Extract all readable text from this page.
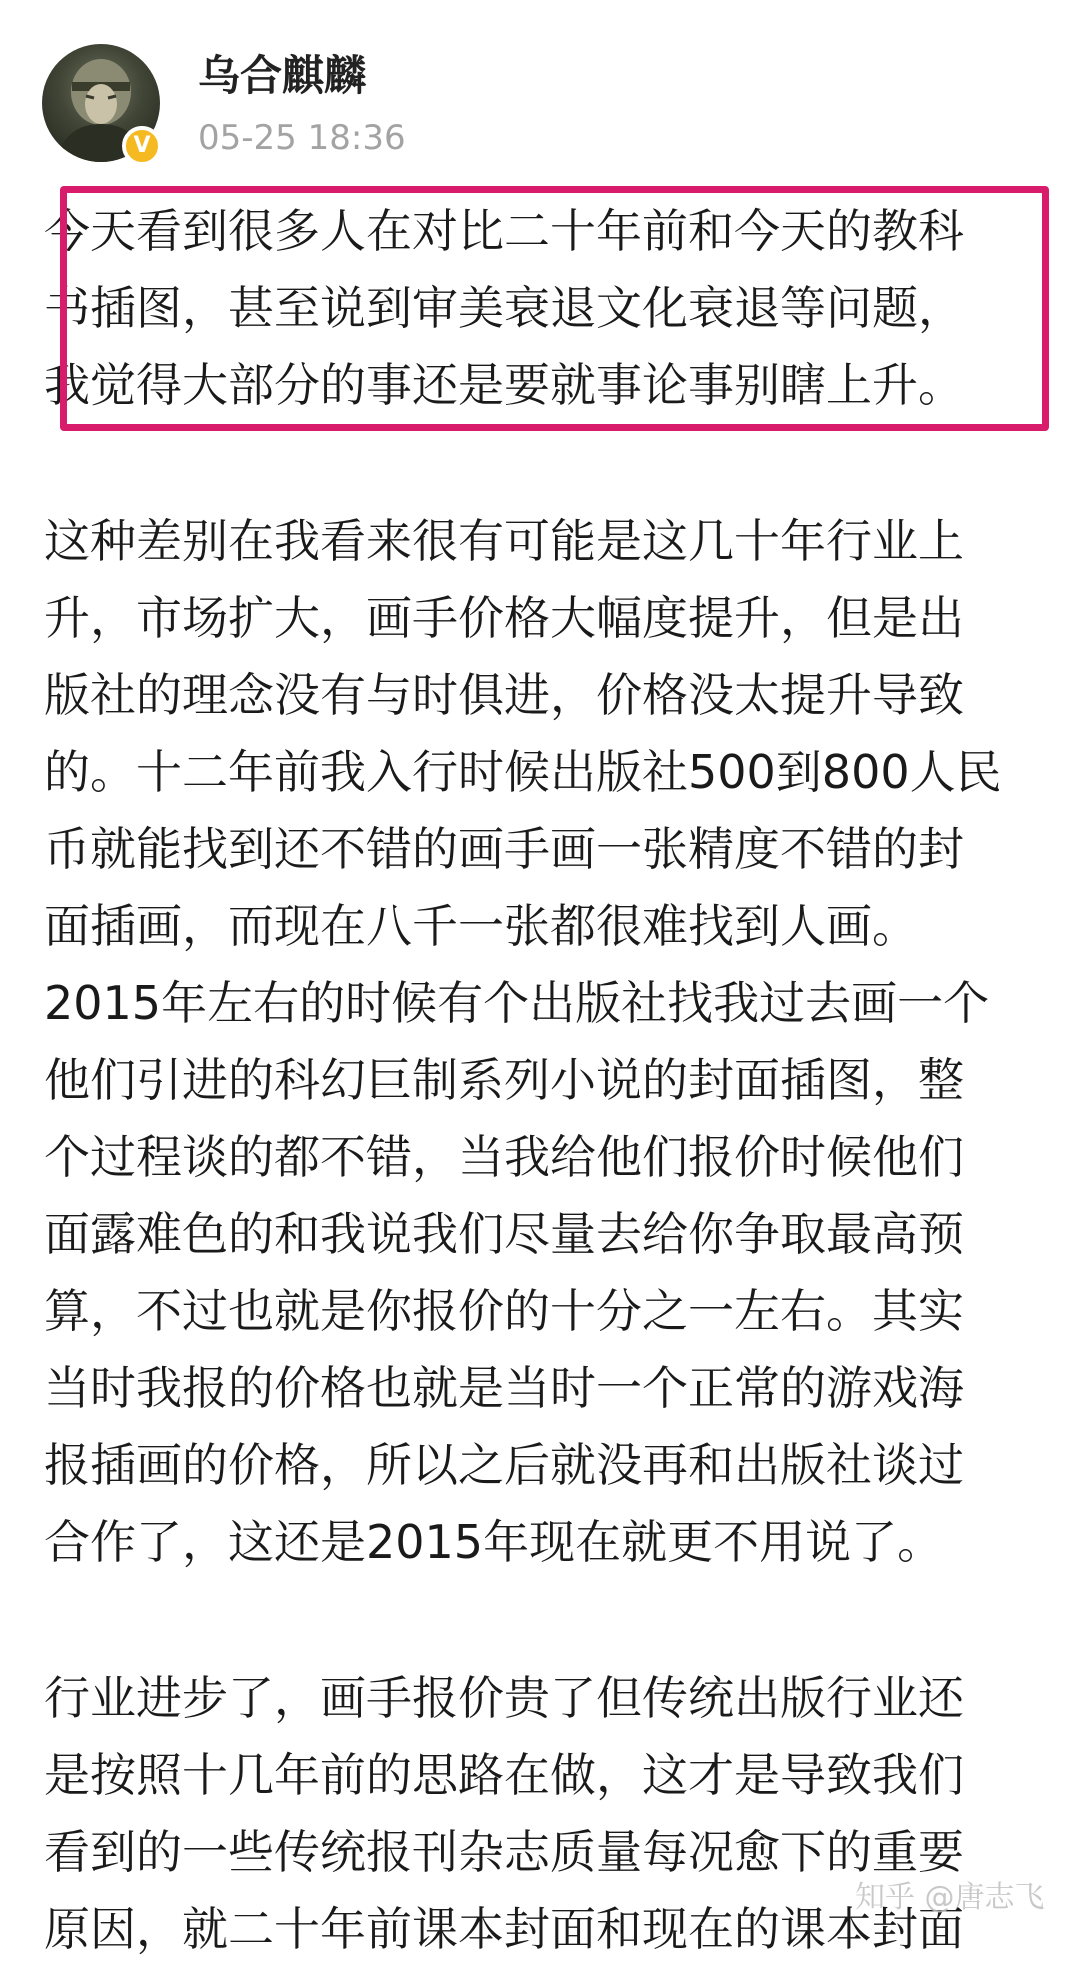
V
乌合麒麟
05-25 18:36

今天看到很多人在对比二十年前和今天的教科
书插图，甚至说到审美衰退文化衰退等问题，
我觉得大部分的事还是要就事论事别瞎上升。

这种差别在我看来很有可能是这几十年行业上
升，市场扩大，画手价格大幅度提升，但是出
版社的理念没有与时俱进，价格没太提升导致
的。十二年前我入行时候出版社500到800人民
币就能找到还不错的画手画一张精度不错的封
面插画，而现在八千一张都很难找到人画。
2015年左右的时候有个出版社找我过去画一个
他们引进的科幻巨制系列小说的封面插图，整
个过程谈的都不错，当我给他们报价时候他们
面露难色的和我说我们尽量去给你争取最高预
算，不过也就是你报价的十分之一左右。其实
当时我报的价格也就是当时一个正常的游戏海
报插画的价格，所以之后就没再和出版社谈过
合作了，这还是2015年现在就更不用说了。

行业进步了，画手报价贵了但传统出版行业还
是按照十几年前的思路在做，这才是导致我们
看到的一些传统报刊杂志质量每况愈下的重要
原因，就二十年前课本封面和现在的课本封面

知乎 @唐志飞
